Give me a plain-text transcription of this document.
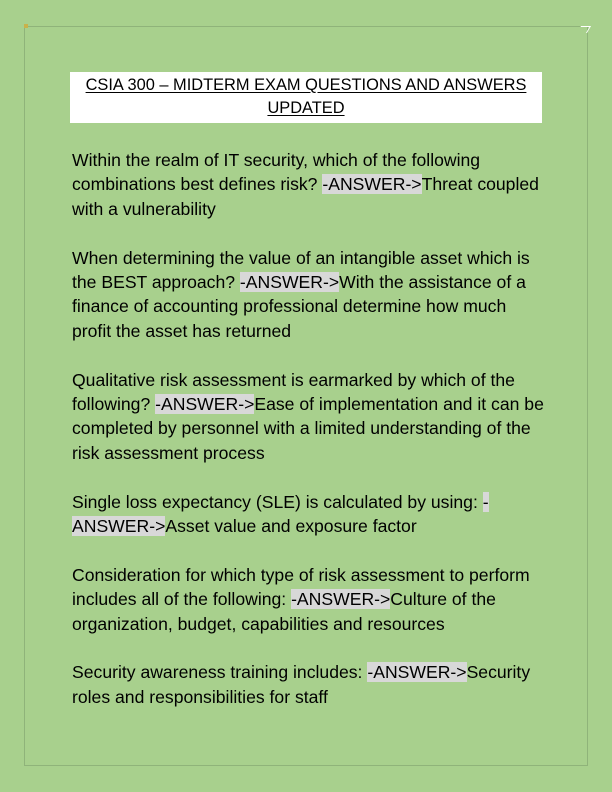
CSIA 300 – MIDTERM EXAM QUESTIONS AND ANSWERS
UPDATED

Within the realm of IT security, which of the following combinations best defines risk? -ANSWER->Threat coupled with a vulnerability

When determining the value of an intangible asset which is the BEST approach? -ANSWER->With the assistance of a finance of accounting professional determine how much profit the asset has returned

Qualitative risk assessment is earmarked by which of the following? -ANSWER->Ease of implementation and it can be completed by personnel with a limited understanding of the risk assessment process

Single loss expectancy (SLE) is calculated by using: -ANSWER->Asset value and exposure factor

Consideration for which type of risk assessment to perform includes all of the following: -ANSWER->Culture of the organization, budget, capabilities and resources

Security awareness training includes: -ANSWER->Security roles and responsibilities for staff
